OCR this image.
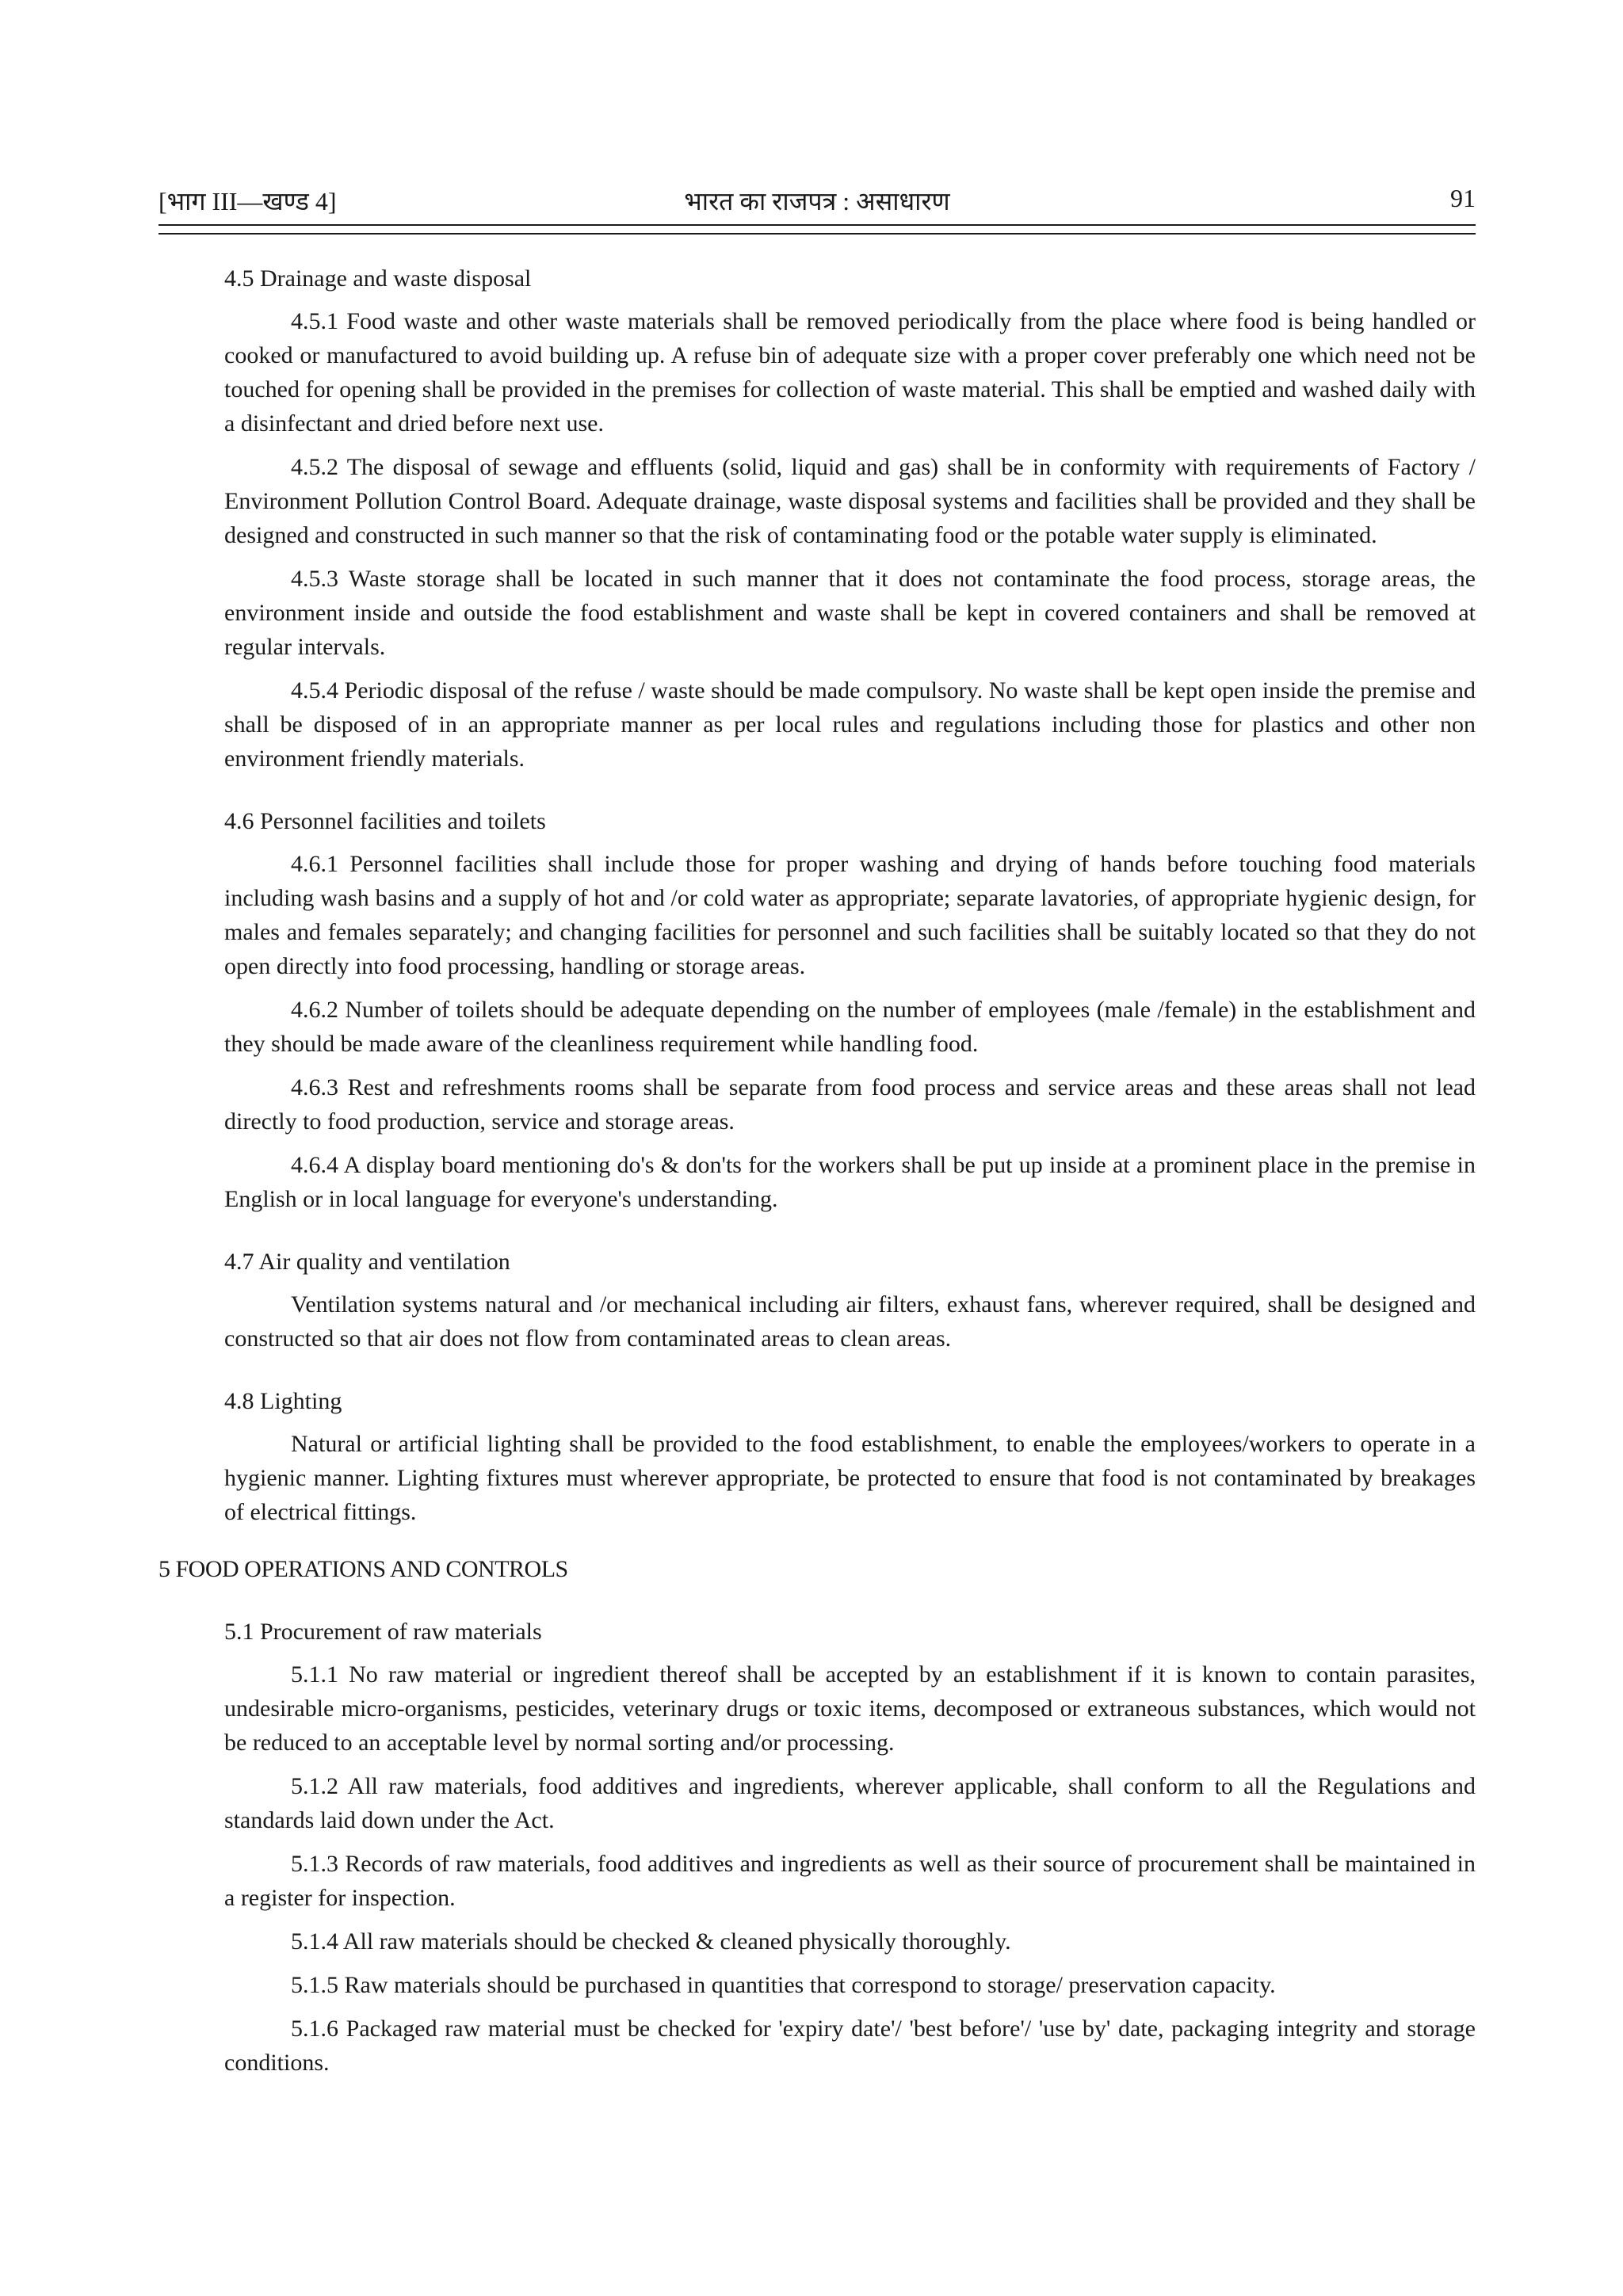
[भाग III—खण्ड 4]	भारत का राजपत्र : असाधारण	91
4.5 Drainage and waste disposal

4.5.1 Food waste and other waste materials shall be removed periodically from the place where food is being handled or cooked or manufactured to avoid building up. A refuse bin of adequate size with a proper cover preferably one which need not be touched for opening shall be provided in the premises for collection of waste material. This shall be emptied and washed daily with a disinfectant and dried before next use.

4.5.2 The disposal of sewage and effluents (solid, liquid and gas) shall be in conformity with requirements of Factory / Environment Pollution Control Board. Adequate drainage, waste disposal systems and facilities shall be provided and they shall be designed and constructed in such manner so that the risk of contaminating food or the potable water supply is eliminated.

4.5.3 Waste storage shall be located in such manner that it does not contaminate the food process, storage areas, the environment inside and outside the food establishment and waste shall be kept in covered containers and shall be removed at regular intervals.

4.5.4 Periodic disposal of the refuse / waste should be made compulsory. No waste shall be kept open inside the premise and shall be disposed of in an appropriate manner as per local rules and regulations including those for plastics and other non environment friendly materials.

4.6 Personnel facilities and toilets

4.6.1 Personnel facilities shall include those for proper washing and drying of hands before touching food materials including wash basins and a supply of hot and /or cold water as appropriate; separate lavatories, of appropriate hygienic design, for males and females separately; and changing facilities for personnel and such facilities shall be suitably located so that they do not open directly into food processing, handling or storage areas.

4.6.2 Number of toilets should be adequate depending on the number of employees (male /female) in the establishment and they should be made aware of the cleanliness requirement while handling food.

4.6.3 Rest and refreshments rooms shall be separate from food process and service areas and these areas shall not lead directly to food production, service and storage areas.

4.6.4 A display board mentioning do's & don'ts for the workers shall be put up inside at a prominent place in the premise in English or in local language for everyone's understanding.

4.7 Air quality and ventilation

Ventilation systems natural and /or mechanical including air filters, exhaust fans, wherever required, shall be designed and constructed so that air does not flow from contaminated areas to clean areas.

4.8 Lighting

Natural or artificial lighting shall be provided to the food establishment, to enable the employees/workers to operate in a hygienic manner. Lighting fixtures must wherever appropriate, be protected to ensure that food is not contaminated by breakages of electrical fittings.

5 FOOD OPERATIONS AND CONTROLS
5.1 Procurement of raw materials

5.1.1 No raw material or ingredient thereof shall be accepted by an establishment if it is known to contain parasites, undesirable micro-organisms, pesticides, veterinary drugs or toxic items, decomposed or extraneous substances, which would not be reduced to an acceptable level by normal sorting and/or processing.

5.1.2 All raw materials, food additives and ingredients, wherever applicable, shall conform to all the Regulations and standards laid down under the Act.

5.1.3 Records of raw materials, food additives and ingredients as well as their source of procurement shall be maintained in a register for inspection.

5.1.4 All raw materials should be checked & cleaned physically thoroughly.

5.1.5 Raw materials should be purchased in quantities that correspond to storage/ preservation capacity.

5.1.6 Packaged raw material must be checked for 'expiry date'/ 'best before'/ 'use by' date, packaging integrity and storage conditions.
